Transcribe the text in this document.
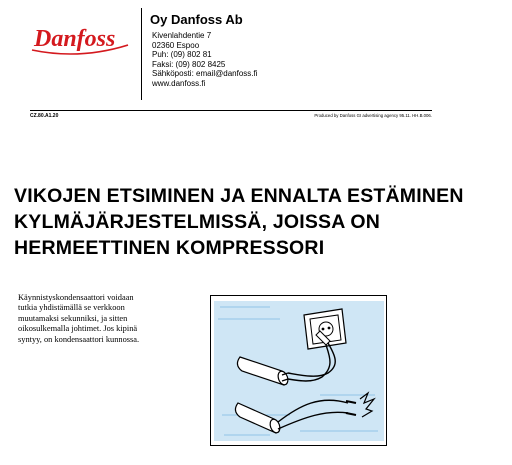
Danfoss
Oy Danfoss Ab
Kivenlahdentie 7
02360 Espoo
Puh: (09) 802 81
Faksi: (09) 802 8425
Sähköposti: email@danfoss.fi
www.danfoss.fi
CZ.80.A1.20	Produced by Danfoss GI advertising agency 95.11. HH.B.006.
VIKOJEN ETSIMINEN JA ENNALTA ESTÄMINEN
KYLMÄJÄRJESTELMISSÄ, JOISSA ON
HERMEETTINEN KOMPRESSORI
Käynnistyskondensaattori voidaan
tutkia yhdistämällä se verkkoon
muutamaksi sekunniksi, ja sitten
oikosulkemalla johtimet. Jos kipinä
syntyy, on kondensaattori kunnossa.
